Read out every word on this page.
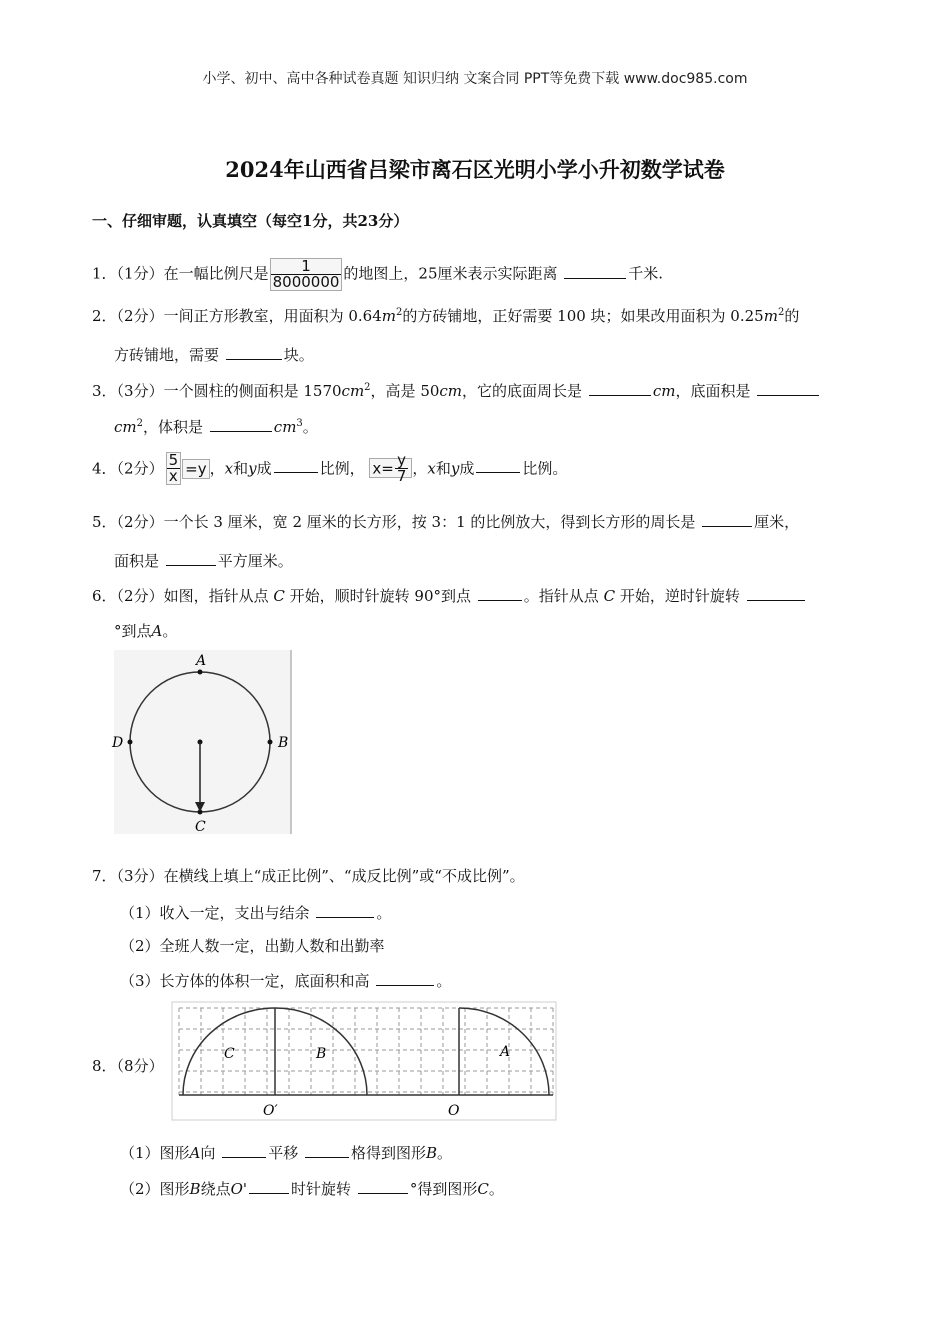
小学、初中、高中各种试卷真题 知识归纳 文案合同 PPT等免费下载 www.doc985.com
2024年山西省吕梁市离石区光明小学小升初数学试卷
一、仔细审题，认真填空（每空1分，共23分）
1．（1分）在一幅比例尺是 $\frac{1}{8000000}$ 的地图上，25厘米表示实际距离	千米.
2．（2分）一间正方形教室，用面积为 $0.64m^2$的方砖铺地，正好需要 100 块；如果改用面积为 $0.25m^2$的
方砖铺地，需要	块。
3．（3分）一个圆柱的侧面积是 $1570cm^2$，高是 50cm，它的底面周长是	cm，底面积是
$cm^2$，体积是	$cm^3$。
4．（2分） $\frac{5}{x} =y$ ，x和y成	比例， $x= \frac{y}{7}$ ，x和y成	比例。
5．（2分）一个长 3 厘米，宽 2 厘米的长方形，按 3：1 的比例放大，得到长方形的周长是	厘米，
面积是	平方厘米。
6．（2分）如图，指针从点 C 开始，顺时针旋转 90°到点	。指针从点 C 开始，逆时针旋转
°到点A。
A
B
C
D
7．（3分）在横线上填上“成正比例”、“成反比例”或“不成比例”。
（1）收入一定，支出与结余	。
（2）全班人数一定，出勤人数和出勤率
（3）长方体的体积一定，底面积和高	。
8．（8分）
C	B	A
O′	O
（1）图形A向	平移	格得到图形B。
（2）图形B绕点O'	时针旋转	°得到图形C。
